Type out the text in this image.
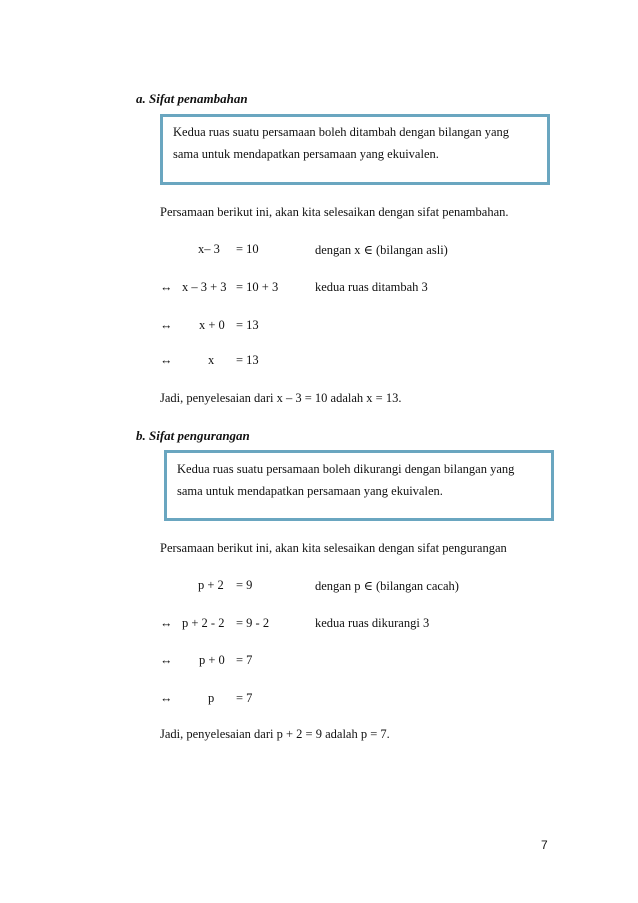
a. Sifat penambahan
Kedua ruas suatu persamaan boleh ditambah dengan bilangan yang
sama untuk mendapatkan persamaan yang ekuivalen.
Persamaan berikut ini, akan kita selesaikan dengan sifat penambahan.
x– 3 = 10	dengan x ∈ (bilangan asli)
↔ x – 3 + 3 = 10 + 3	kedua ruas ditambah 3
↔ x + 0 = 13
↔	x = 13
Jadi, penyelesaian dari x – 3 = 10 adalah x = 13.
b. Sifat pengurangan
Kedua ruas suatu persamaan boleh dikurangi dengan bilangan yang
sama untuk mendapatkan persamaan yang ekuivalen.
Persamaan berikut ini, akan kita selesaikan dengan sifat pengurangan
p + 2 = 9	dengan p ∈ (bilangan cacah)
↔ p + 2 - 2 = 9 - 2	kedua ruas dikurangi 3
↔ p + 0 = 7
↔	p = 7
Jadi, penyelesaian dari p + 2 = 9 adalah p = 7.
7
